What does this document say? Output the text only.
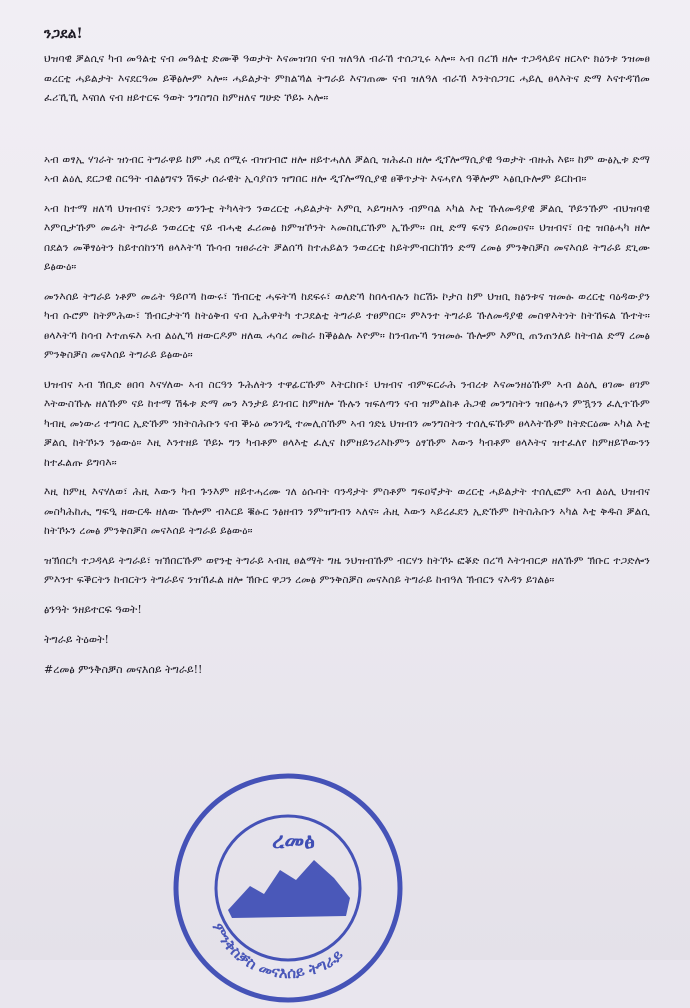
ንጋደል!

ህዝባዊ ቓልሲና ካብ መዓልቲ ናብ መዓልቲ ድሙቕ ዓወታት እናመዝገበ ናብ ዝለዓለ ብራኸ ተሰጋጊሩ ኣሎ። ኣብ በረኽ ዘሎ ተጋዳላይና ዘርኣዮ ክዕንቱ ንዝመፀ ወረርቲ ሓይልታት እናደርዓመ ይቕፅሎም ኣሎ። ሓይልታት ምክልኻል ትግራይ እናገጠሙ ናብ ዝለዓለ ብራኸ እንትሰጋገር ሓይሊ ፀላእትና ድማ እናተዳኸመ ፈሪኺኺ እናበለ ናብ ዘይተርፍ ዓወት ንግስግስ ከምዘለና ግሁድ ኾይኑ ኣሎ።

ኣብ ወፃኢ ሃገራት ዝነብር ትግራዋይ ከም ሓደ ሰሚሩ ብዝገብሮ ዘሎ ዘይተሓለለ ቓልሲ ዝሕፈስ ዘሎ ዲፕሎማሲያዊ ዓወታት ብዙሕ እዩ። ከም ውፅኢቱ ድማ ኣብ ልዕሊ ደርጋዊ ስርዓት ብልፅግናን ሽፍታ ሰራዊት ኢሳያስን ዝግበር ዘሎ ዲፕሎማሲያዊ ፀቕጥታት እናሓየለ ዓቕሎም ኣፅቢቡሎም ይርከብ።

ኣብ ከተማ ዘለኻ ህዝብና፣ ንጋድን ወንጉቲ ትካላትን ንወረርቲ ሓይልታት እምቢ ኣይግዛእን ብምባል ኣካል እቲ ኹለመዳያዊ ቓልሲ ኾይንኹም ብህዝባዊ እምቢታኹም መሬት ትግራይ ንወረርቲ ናይ ብሓቂ ፈሪመፅ ክምዝኾንት ኣመስኪርኹም ኢኹም። በዚ ድማ ፍናን ይሰመዐና። ህዝብና፣ በቲ ዝበፅሓካ ዘሎ በደልን መቕፃዕትን ከይተሰከንኻ ፀላእትኻ ኹሳብ ዝፀራረት ቓልሰኻ ከተሐይልን ንወረርቲ ከይትምብርከኽን ድማ ረመፅ ምንቅስቓስ መናእሰይ ትግራይ ደጊሙ ይፅውዕ።

መንእሰይ ትግራይ ነቶም መሬት ዓይቦኻ ከውሩ፣ ኽብርቲ ሓፍትኻ ከደፍሩ፣ ወለድኻ ከበላብሉን ከርሽኑ ኮታስ ከም ህዝቢ ክፅንቱና ዝመፁ ወረርቲ ባዕዳውያን ካብ ሱሮም ከትምሕው፣ ኽብርታትኻ ከትዕቅብ ናብ ኢሕዋትካ ተጋደልቲ ትግራይ ተፀምበር። ምእንተ ትግራይ ኹለመዳያዊ መስዋእትነት ከትኸፍል ኹተት። ፀላእትኻ ከሳብ እተጠፍእ ኣብ ልዕሊኻ ዘውርዶም ዘለዉ ሓሳረ መከራ ክቕፅልሉ እዮም። ከንብጡኻ ንዝመፁ ኹሎም እምቢ ጠንጠንለይ ከትብል ድማ ረመፅ ምንቅስቓስ መናእሰይ ትግራይ ይፅውዕ።

ህዝብና ኣብ ኽቢድ ፀበባ እናሃለው ኣብ ስርዓን ጉሕለትን ተዋፊርኹም እትርከቡ፣ ህዝብና ብምፍርራሕ ንብረቱ እናመንዘዕኹም ኣብ ልዕሊ ፀገሙ ፀገም እትውስኹሉ ዘለኹም ናይ ከተማ ሽፋቱ ድማ መን እንታይ ይገብር ከምዘሎ ኹሉን ዝፍለጣን ናብ ዝምልከቶ ሕጋዊ መንግስትን ዝበፅሓን ምዃንን ፈሊጥኹም ካብዚ መነውሪ ተግባር ኢድኹም ንክትስሕቡን ናብ ቕኑዕ መንገዲ ተመሊስኹም ኣብ ጎድኒ ህዝብን መንግስትን ተሰሊፍኹም ፀላእትኹም ከትድርዕሙ ኣካል እቲ ቓልሲ ከትኾኑን ንፅውዕ። እዚ እንተዘይ ኾይኑ ግን ካብቶም ፀላእቲ ፈሊና ከምዘይንሪእኩምን ዕፃኹም እውን ካብቶም ፀላእትና ዝተፈለየ ከምዘይኾውንን ከተፈልጡ ይግባእ።

እዚ ከምዚ እናሃለወ፣ ሕዚ እውን ካብ ጉንእም ዘይተሓረሙ ገለ ዕሱባት ባንዳታት ምስቶም ግፍዐኛታት ወረርቲ ሓይልታት ተሰሊፎም ኣብ ልዕሊ ህዝብና መስካሕከሒ ግፍዒ ዘውርዱ ዘለው ኹሎም ብእርይ ቑፁር ንፅዘብን ንምዝግብን ኣለና። ሕዚ እውን ኣይረፈደን ኢድኹም ከትስሕቡን ኣካል እቲ ቅዱስ ቓልሲ ከትኾኑን ረመፅ ምንቅስቓስ መናእሰይ ትግራይ ይፅውዕ።

ዝኽበርካ ተጋዳላይ ትግራይ፣ ዝኽበርኹም ወየንቲ ትግራይ ኣብዚ ፀልማት ግዜ ንህዝብኹም ብርሃን ከትኾኑ ፎቖድ በረኻ እትገብርዎ ዘለኹም ኽቡር ተጋድሎን ምእንተ ፍቕርትን ከብርትን ትግራይና ንዝኸፈል ዘሎ ኽቡር ዋጋን ረመፅ ምንቅስቓስ መናእሰይ ትግራይ ከብዓለ ኽብርን ናእዳን ይገልፅ።

ፅንዓት ንዘይተርፍ ዓወት!

ትግራይ ትዕወት!

#ረመፅ ምንቅስቓስ መናእሰይ ትግራይ!!

ረመፅ
ምንቅስቓስ መናእሰይ ትግራይ
